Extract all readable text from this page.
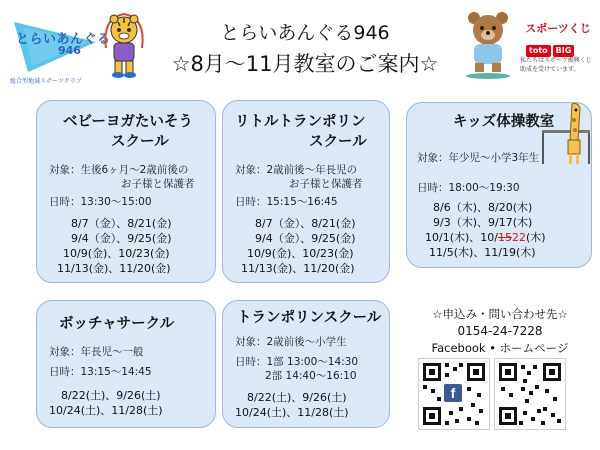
とらいあんぐる
946
総合型地域スポーツクラブ
とらいあんぐる946
☆8月〜11月教室のご案内☆
スポーツくじ
toto BIG
私たちはスポーツ振興くじ助成を受けています。
ベビーヨガたいそう
スクール
対象：生後6ヶ月〜2歳前後の
お子様と保護者
日時：13:30〜15:00
8/7（金）、8/21(金)
9/4（金）、9/25(金)
10/9(金)、10/23(金)
11/13(金)、11/20(金)
リトルトランポリン
スクール
対象：2歳前後〜年長児の
お子様と保護者
日時：15:15〜16:45
8/7（金）、8/21(金)
9/4（金）、9/25(金)
10/9(金)、10/23(金)
11/13(金)、11/20(金)
キッズ体操教室
対象：年少児〜小学3年生
日時：18:00〜19:30
8/6（木)、8/20(木)
9/3（木)、9/17(木)
10/1(木)、10/1522(木)
11/5(木)、11/19(木)
ボッチャサークル
対象：年長児〜一般
日時：13:15〜14:45
8/22(土)、9/26(土)
10/24(土)、11/28(土)
トランポリンスクール
対象：2歳前後〜小学生
日時：1部 13:00〜14:30
2部 14:40〜16:10
8/22(土)、9/26(土)
10/24(土)、11/28(土)
☆申込み・問い合わせ先☆
0154-24-7228
Facebook • ホームページ
f
